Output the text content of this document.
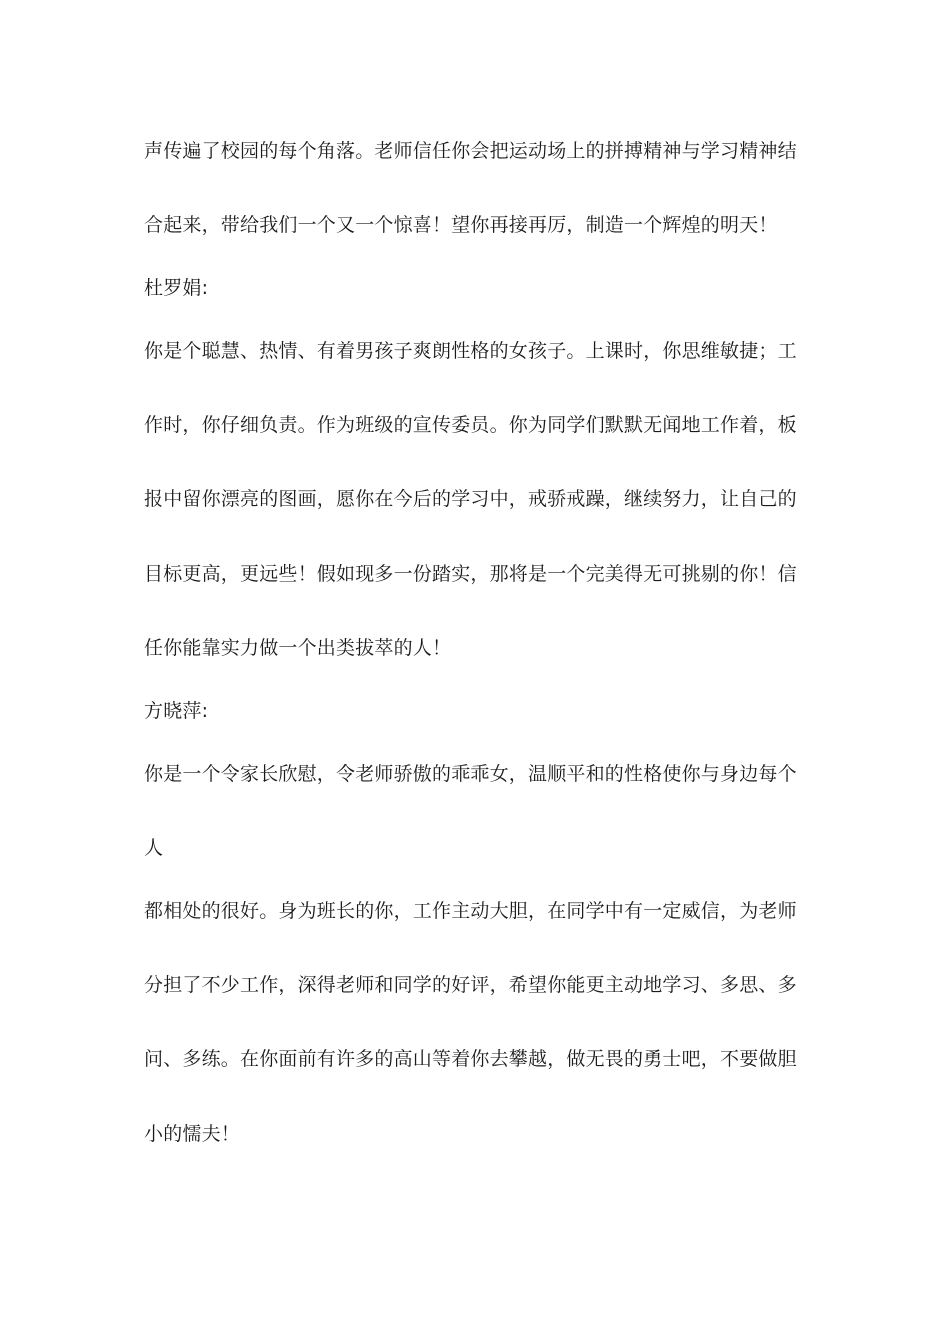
声传遍了校园的每个角落。老师信任你会把运动场上的拼搏精神与学习精神结
合起来，带给我们一个又一个惊喜！望你再接再厉，制造一个辉煌的明天！
杜罗娟:
你是个聪慧、热情、有着男孩子爽朗性格的女孩子。上课时，你思维敏捷；工
作时，你仔细负责。作为班级的宣传委员。你为同学们默默无闻地工作着，板
报中留你漂亮的图画，愿你在今后的学习中，戒骄戒躁，继续努力，让自己的
目标更高，更远些！假如现多一份踏实，那将是一个完美得无可挑剔的你！信
任你能靠实力做一个出类拔萃的人！
方晓萍:
你是一个令家长欣慰，令老师骄傲的乖乖女，温顺平和的性格使你与身边每个
人
都相处的很好。身为班长的你，工作主动大胆，在同学中有一定威信，为老师
分担了不少工作，深得老师和同学的好评，希望你能更主动地学习、多思、多
问、多练。在你面前有许多的高山等着你去攀越，做无畏的勇士吧，不要做胆
小的懦夫！
